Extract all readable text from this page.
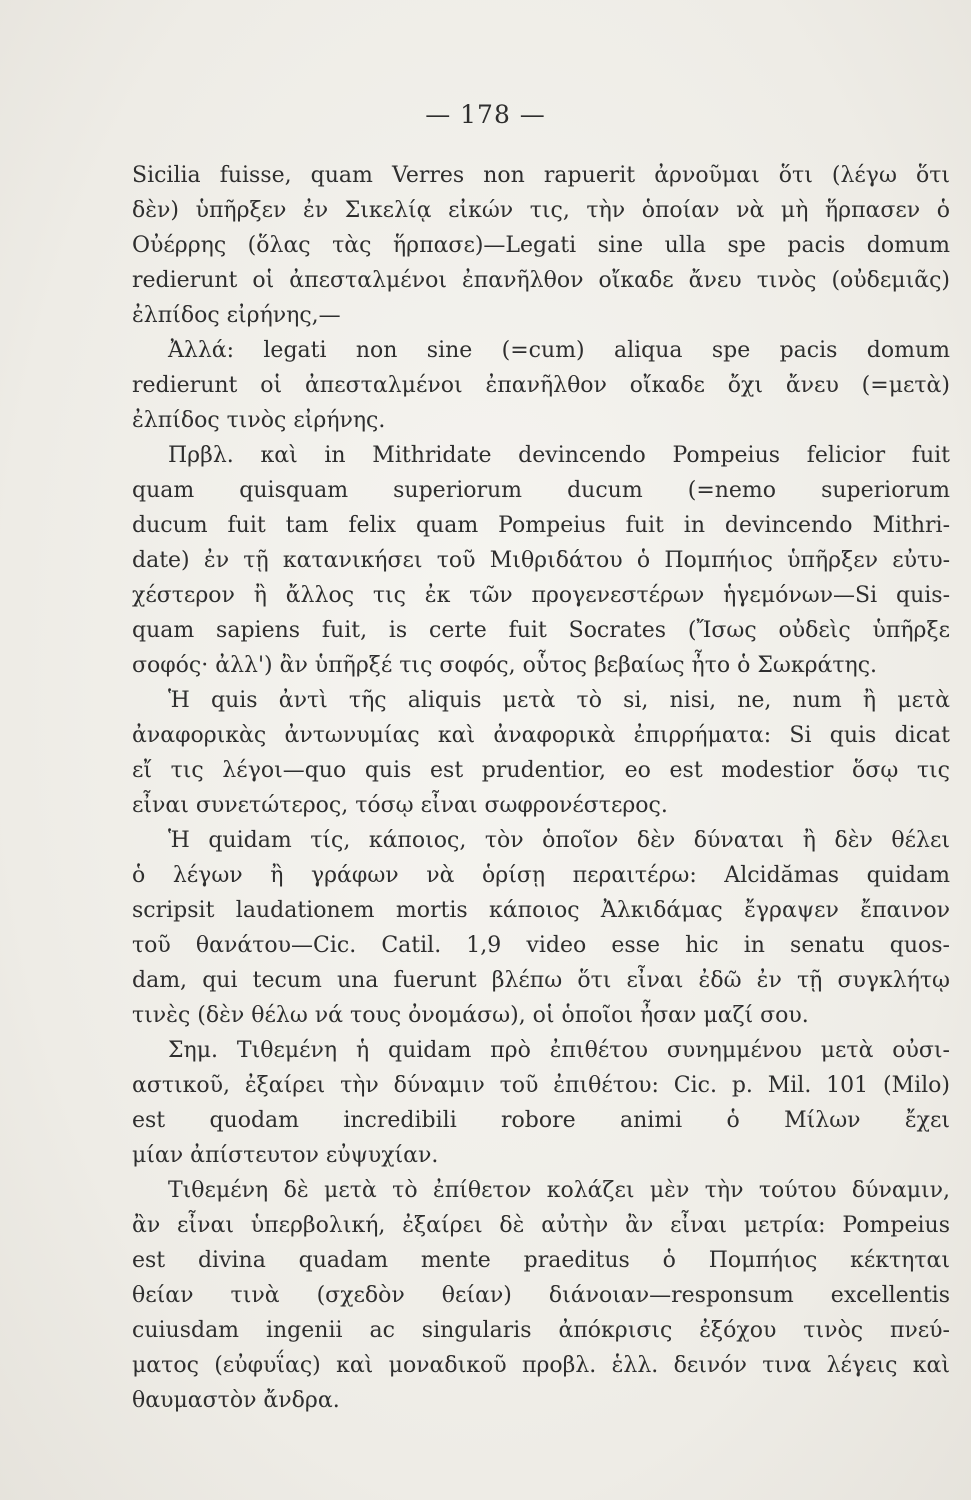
— 178 —
Sicilia fuisse, quam Verres non rapuerit ἀρνοῦμαι ὅτι (λέγω ὅτι
δὲν) ὑπῆρξεν ἐν Σικελίᾳ εἰκών τις, τὴν ὁποίαν νὰ μὴ ἥρπασεν ὁ
Οὐέρρης (ὅλας τὰς ἥρπασε)—Legati sine ulla spe pacis domum
redierunt οἱ ἀπεσταλμένοι ἐπανῆλθον οἴκαδε ἄνευ τινὸς (οὐδεμιᾶς)
ἐλπίδος εἰρήνης,—
Ἀλλά: legati non sine (=cum) aliqua spe pacis domum
redierunt οἱ ἀπεσταλμένοι ἐπανῆλθον οἴκαδε ὄχι ἄνευ (=μετὰ)
ἐλπίδος τινὸς εἰρήνης.
Πρβλ. καὶ in Mithridate devincendo Pompeius felicior fuit
quam quisquam superiorum ducum (=nemo superiorum
ducum fuit tam felix quam Pompeius fuit in devincendo Mithri-
date) ἐν τῇ κατανικήσει τοῦ Μιθριδάτου ὁ Πομπήιος ὑπῆρξεν εὐτυ-
χέστερον ἢ ἄλλος τις ἐκ τῶν προγενεστέρων ἡγεμόνων—Si quis-
quam sapiens fuit, is certe fuit Socrates (Ἴσως οὐδεὶς ὑπῆρξε
σοφός· ἀλλ') ἂν ὑπῆρξέ τις σοφός, οὗτος βεβαίως ἦτο ὁ Σωκράτης.
Ἡ quis ἀντὶ τῆς aliquis μετὰ τὸ si, nisi, ne, num ἢ μετὰ
ἀναφορικὰς ἀντωνυμίας καὶ ἀναφορικὰ ἐπιρρήματα: Si quis dicat
εἴ τις λέγοι—quo quis est prudentior, eo est modestior ὅσῳ τις
εἶναι συνετώτερος, τόσῳ εἶναι σωφρονέστερος.
Ἡ quidam τίς, κάποιος, τὸν ὁποῖον δὲν δύναται ἢ δὲν θέλει
ὁ λέγων ἢ γράφων νὰ ὁρίσῃ περαιτέρω: Alcidămas quidam
scripsit laudationem mortis κάποιος Ἀλκιδάμας ἔγραψεν ἔπαινον
τοῦ θανάτου—Cic. Catil. 1,9 video esse hic in senatu quos-
dam, qui tecum una fuerunt βλέπω ὅτι εἶναι ἐδῶ ἐν τῇ συγκλήτῳ
τινὲς (δὲν θέλω νά τους ὀνομάσω), οἱ ὁποῖοι ἦσαν μαζί σου.
Σημ. Τιθεμένη ἡ quidam πρὸ ἐπιθέτου συνημμένου μετὰ οὐσι-
αστικοῦ, ἐξαίρει τὴν δύναμιν τοῦ ἐπιθέτου: Cic. p. Mil. 101 (Milo)
est quodam incredibili robore animi ὁ Μίλων ἔχει
μίαν ἀπίστευτον εὐψυχίαν.
Τιθεμένη δὲ μετὰ τὸ ἐπίθετον κολάζει μὲν τὴν τούτου δύναμιν,
ἂν εἶναι ὑπερβολική, ἐξαίρει δὲ αὐτὴν ἂν εἶναι μετρία: Pompeius
est divina quadam mente praeditus ὁ Πομπήιος κέκτηται
θείαν τινὰ (σχεδὸν θείαν) διάνοιαν—responsum excellentis
cuiusdam ingenii ac singularis ἀπόκρισις ἐξόχου τινὸς πνεύ-
ματος (εὐφυΐας) καὶ μοναδικοῦ προβλ. ἑλλ. δεινόν τινα λέγεις καὶ
θαυμαστὸν ἄνδρα.
